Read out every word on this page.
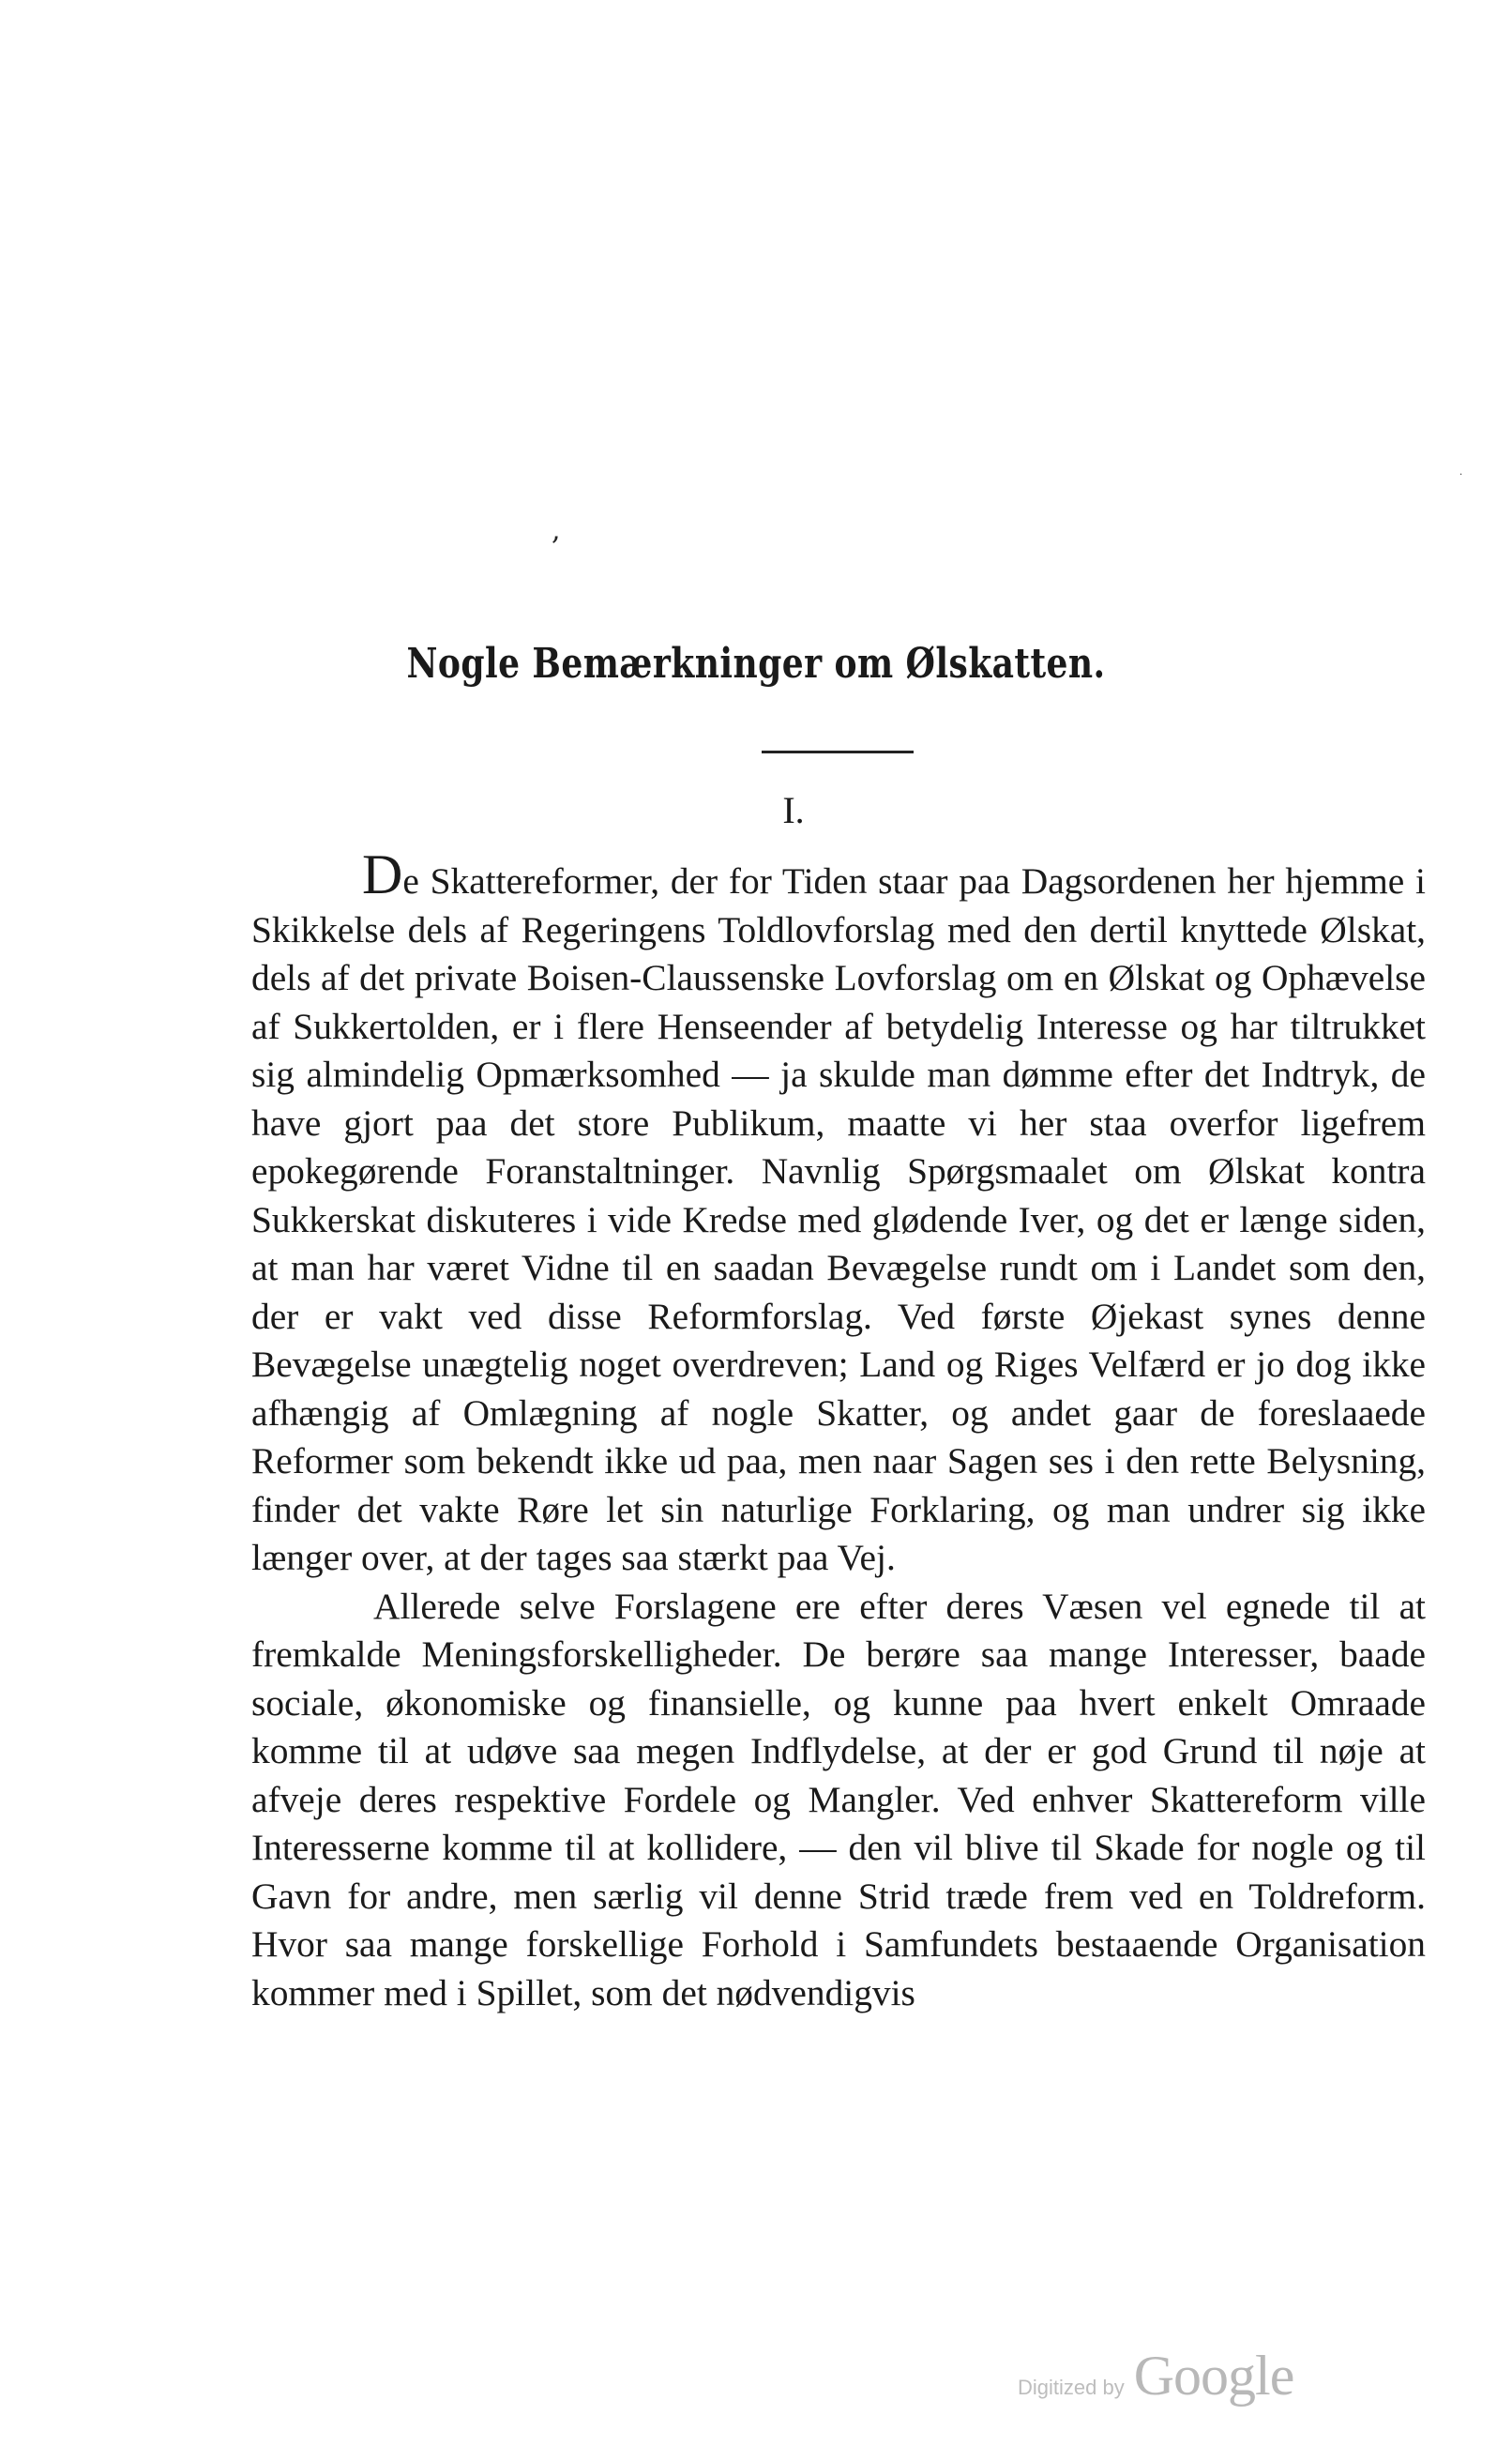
,
.
Nogle Bemærkninger om Ølskatten.
I.

De Skattereformer, der for Tiden staar paa Dagsordenen her hjemme i Skikkelse dels af Regeringens Toldlovforslag med den dertil knyttede Ølskat, dels af det private Boisen-Claussenske Lovforslag om en Ølskat og Ophævelse af Sukkertolden, er i flere Henseender af betydelig Interesse og har tiltrukket sig almindelig Opmærksomhed — ja skulde man dømme efter det Indtryk, de have gjort paa det store Publikum, maatte vi her staa overfor ligefrem epokegørende Foranstaltninger. Navnlig Spørgsmaalet om Ølskat kontra Sukkerskat diskuteres i vide Kredse med glødende Iver, og det er længe siden, at man har været Vidne til en saadan Bevægelse rundt om i Landet som den, der er vakt ved disse Reformforslag. Ved første Øjekast synes denne Bevægelse unægtelig noget overdreven; Land og Riges Velfærd er jo dog ikke afhængig af Omlægning af nogle Skatter, og andet gaar de foreslaaede Reformer som bekendt ikke ud paa, men naar Sagen ses i den rette Belysning, finder det vakte Røre let sin naturlige Forklaring, og man undrer sig ikke længer over, at der tages saa stærkt paa Vej.

Allerede selve Forslagene ere efter deres Væsen vel egnede til at fremkalde Meningsforskelligheder. De berøre saa mange Interesser, baade sociale, økonomiske og finansielle, og kunne paa hvert enkelt Omraade komme til at udøve saa megen Indflydelse, at der er god Grund til nøje at afveje deres respektive Fordele og Mangler. Ved enhver Skattereform ville Interesserne komme til at kollidere, — den vil blive til Skade for nogle og til Gavn for andre, men særlig vil denne Strid træde frem ved en Toldreform. Hvor saa mange forskellige Forhold i Samfundets bestaaende Organisation kommer med i Spillet, som det nødvendigvis

Digitized by Google
